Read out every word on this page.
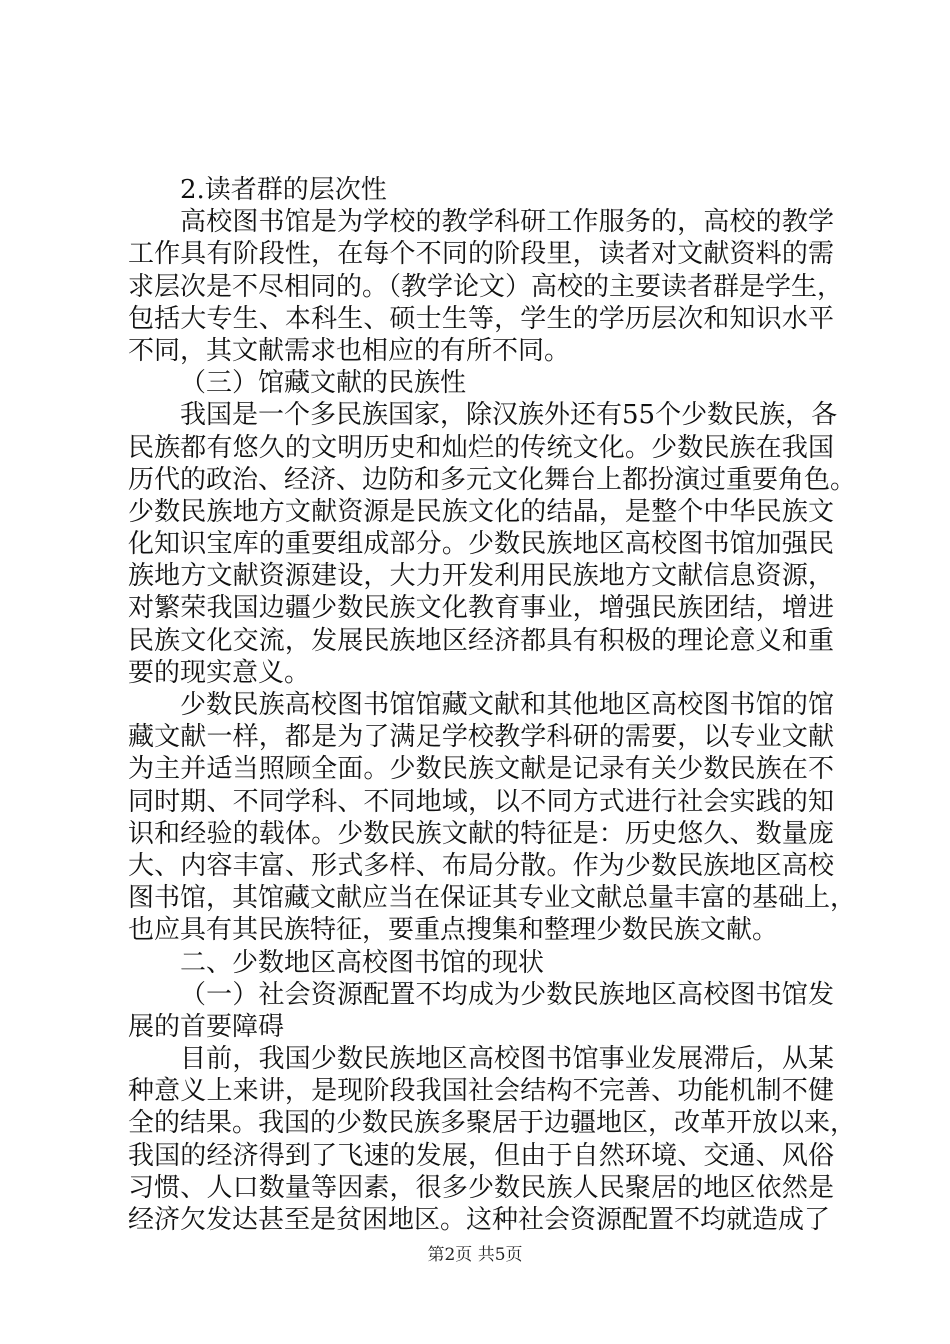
2.读者群的层次性
高校图书馆是为学校的教学科研工作服务的，高校的教学
工作具有阶段性，在每个不同的阶段里，读者对文献资料的需
求层次是不尽相同的。（教学论文）高校的主要读者群是学生，
包括大专生、本科生、硕士生等，学生的学历层次和知识水平
不同，其文献需求也相应的有所不同。
（三）馆藏文献的民族性
我国是一个多民族国家，除汉族外还有55个少数民族，各
民族都有悠久的文明历史和灿烂的传统文化。少数民族在我国
历代的政治、经济、边防和多元文化舞台上都扮演过重要角色。
少数民族地方文献资源是民族文化的结晶，是整个中华民族文
化知识宝库的重要组成部分。少数民族地区高校图书馆加强民
族地方文献资源建设，大力开发利用民族地方文献信息资源，
对繁荣我国边疆少数民族文化教育事业，增强民族团结，增进
民族文化交流，发展民族地区经济都具有积极的理论意义和重
要的现实意义。
少数民族高校图书馆馆藏文献和其他地区高校图书馆的馆
藏文献一样，都是为了满足学校教学科研的需要，以专业文献
为主并适当照顾全面。少数民族文献是记录有关少数民族在不
同时期、不同学科、不同地域，以不同方式进行社会实践的知
识和经验的载体。少数民族文献的特征是：历史悠久、数量庞
大、内容丰富、形式多样、布局分散。作为少数民族地区高校
图书馆，其馆藏文献应当在保证其专业文献总量丰富的基础上，
也应具有其民族特征，要重点搜集和整理少数民族文献。
二、少数地区高校图书馆的现状
（一）社会资源配置不均成为少数民族地区高校图书馆发
展的首要障碍
目前，我国少数民族地区高校图书馆事业发展滞后，从某
种意义上来讲，是现阶段我国社会结构不完善、功能机制不健
全的结果。我国的少数民族多聚居于边疆地区，改革开放以来，
我国的经济得到了飞速的发展，但由于自然环境、交通、风俗
习惯、人口数量等因素，很多少数民族人民聚居的地区依然是
经济欠发达甚至是贫困地区。这种社会资源配置不均就造成了
第2页 共5页
